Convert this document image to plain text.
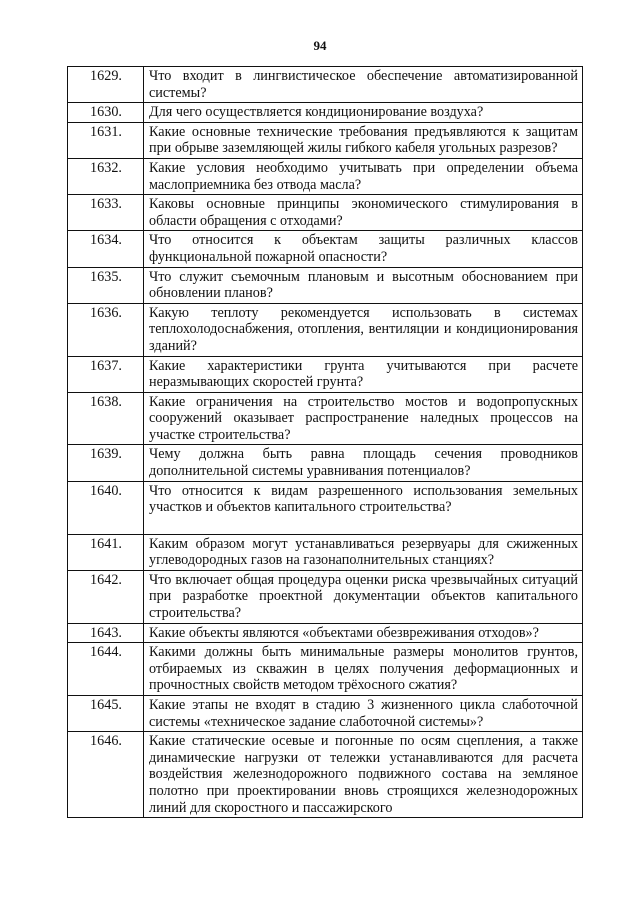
94
1629.	Что входит в лингвистическое обеспечение автоматизированной системы?
1630.	Для чего осуществляется кондиционирование воздуха?
1631.	Какие основные технические требования предъявляются к защитам при обрыве заземляющей жилы гибкого кабеля угольных разрезов?
1632.	Какие условия необходимо учитывать при определении объема маслоприемника без отвода масла?
1633.	Каковы основные принципы экономического стимулирования в области обращения с отходами?
1634.	Что относится к объектам защиты различных классов функциональной пожарной опасности?
1635.	Что служит съемочным плановым и высотным обоснованием при обновлении планов?
1636.	Какую теплоту рекомендуется использовать в системах теплохолодоснабжения, отопления, вентиляции и кондиционирования зданий?
1637.	Какие характеристики грунта учитываются при расчете неразмывающих скоростей грунта?
1638.	Какие ограничения на строительство мостов и водопропускных сооружений оказывает распространение наледных процессов на участке строительства?
1639.	Чему должна быть равна площадь сечения проводников дополнительной системы уравнивания потенциалов?
1640.	Что относится к видам разрешенного использования земельных участков и объектов капитального строительства?
1641.	Каким образом могут устанавливаться резервуары для сжиженных углеводородных газов на газонаполнительных станциях?
1642.	Что включает общая процедура оценки риска чрезвычайных ситуаций при разработке проектной документации объектов капитального строительства?
1643.	Какие объекты являются «объектами обезвреживания отходов»?
1644.	Какими должны быть минимальные размеры монолитов грунтов, отбираемых из скважин в целях получения деформационных и прочностных свойств методом трёхосного сжатия?
1645.	Какие этапы не входят в стадию 3 жизненного цикла слаботочной системы «техническое задание слаботочной системы»?
1646.	Какие статические осевые и погонные по осям сцепления, а также динамические нагрузки от тележки устанавливаются для расчета воздействия железнодорожного подвижного состава на земляное полотно при проектировании вновь строящихся железнодорожных линий для скоростного и пассажирского
